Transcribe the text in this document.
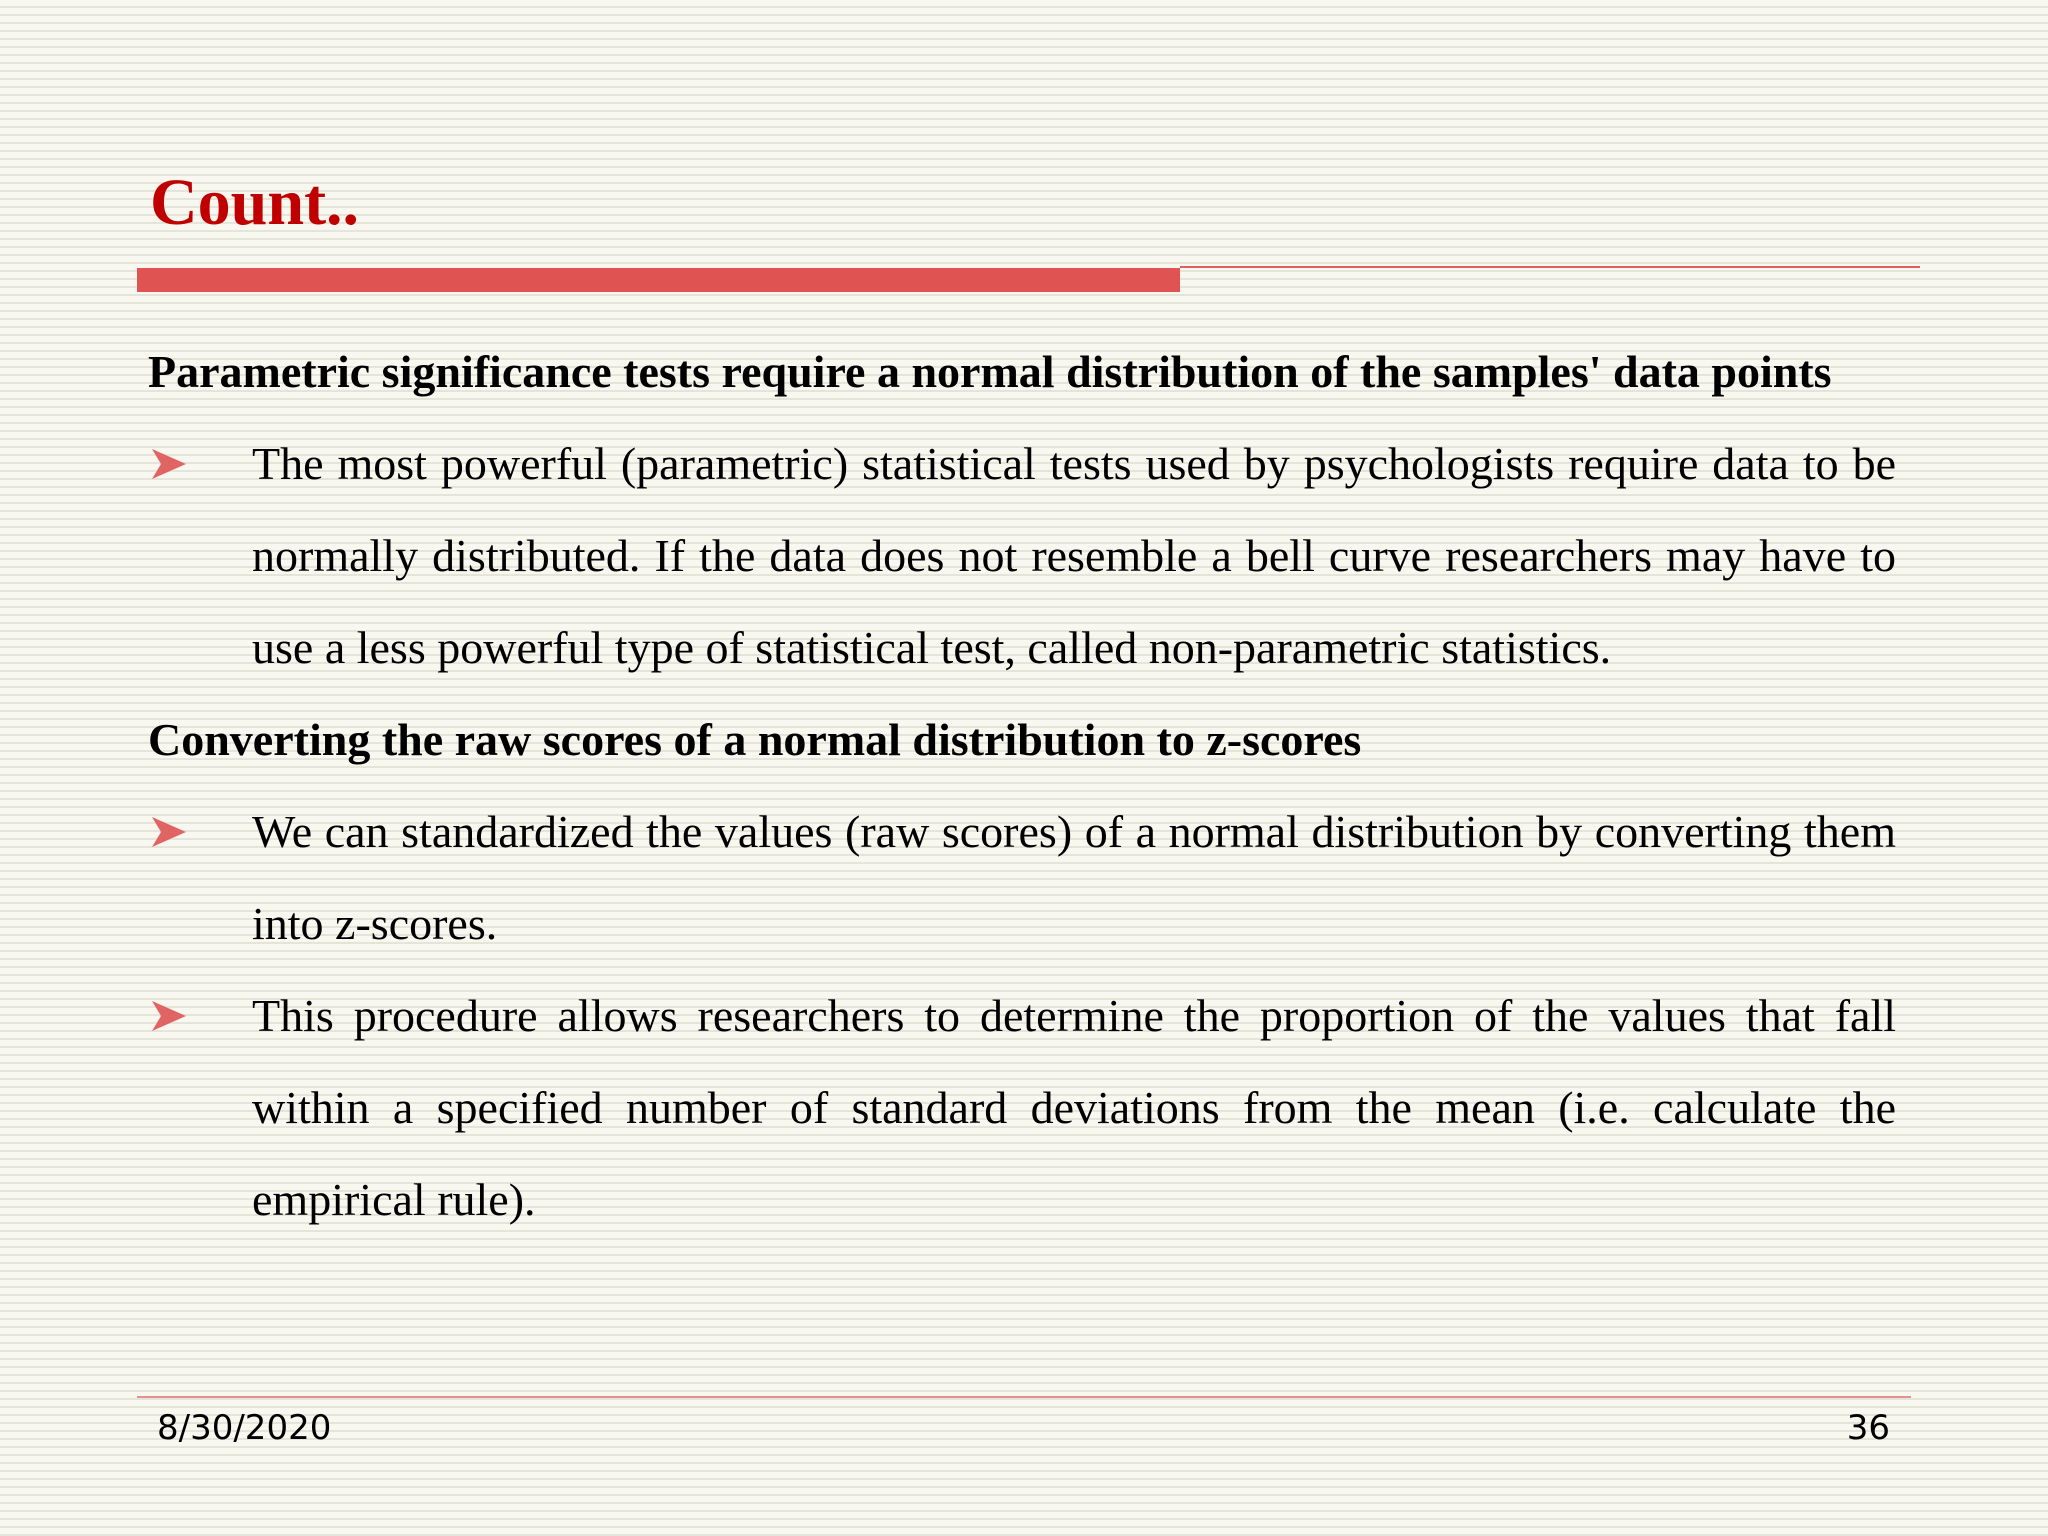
Count..

Parametric significance tests require a normal distribution of the samples' data points

The most powerful (parametric) statistical tests used by psychologists require data to be normally distributed. If the data does not resemble a bell curve researchers may have to use a less powerful type of statistical test, called non-parametric statistics.

Converting the raw scores of a normal distribution to z-scores

We can standardized the values (raw scores) of a normal distribution by converting them into z-scores.
This procedure allows researchers to determine the proportion of the values that fall within a specified number of standard deviations from the mean (i.e. calculate the empirical rule).
8/30/2020	36
